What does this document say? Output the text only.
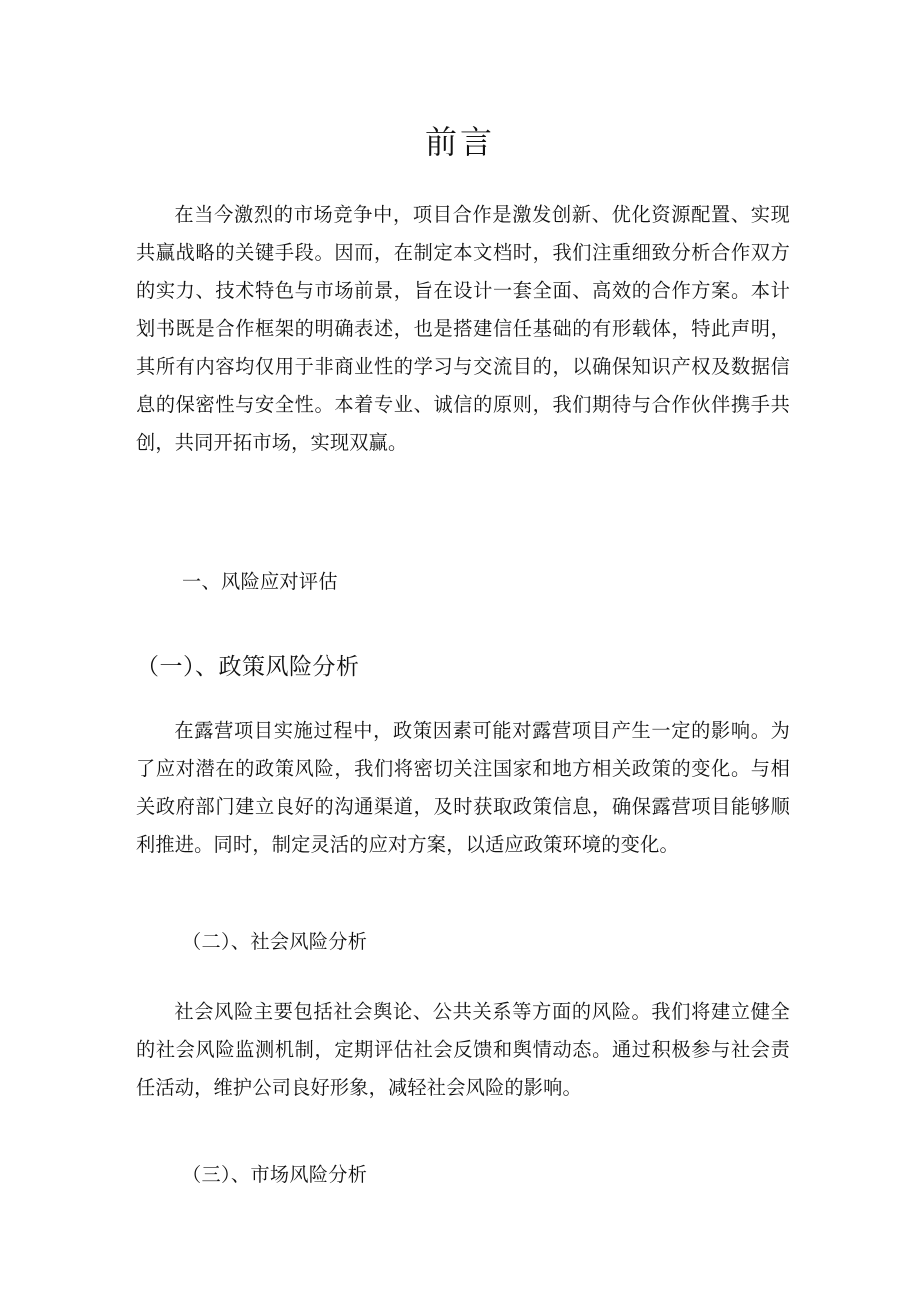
前言

在当今激烈的市场竞争中，项目合作是激发创新、优化资源配置、实现共赢战略的关键手段。因而，在制定本文档时，我们注重细致分析合作双方的实力、技术特色与市场前景，旨在设计一套全面、高效的合作方案。本计划书既是合作框架的明确表述，也是搭建信任基础的有形载体，特此声明，其所有内容均仅用于非商业性的学习与交流目的，以确保知识产权及数据信息的保密性与安全性。本着专业、诚信的原则，我们期待与合作伙伴携手共创，共同开拓市场，实现双赢。

一、风险应对评估
（一）、政策风险分析

在露营项目实施过程中，政策因素可能对露营项目产生一定的影响。为了应对潜在的政策风险，我们将密切关注国家和地方相关政策的变化。与相关政府部门建立良好的沟通渠道，及时获取政策信息，确保露营项目能够顺利推进。同时，制定灵活的应对方案，以适应政策环境的变化。

（二）、社会风险分析

社会风险主要包括社会舆论、公共关系等方面的风险。我们将建立健全的社会风险监测机制，定期评估社会反馈和舆情动态。通过积极参与社会责任活动，维护公司良好形象，减轻社会风险的影响。

（三）、市场风险分析
